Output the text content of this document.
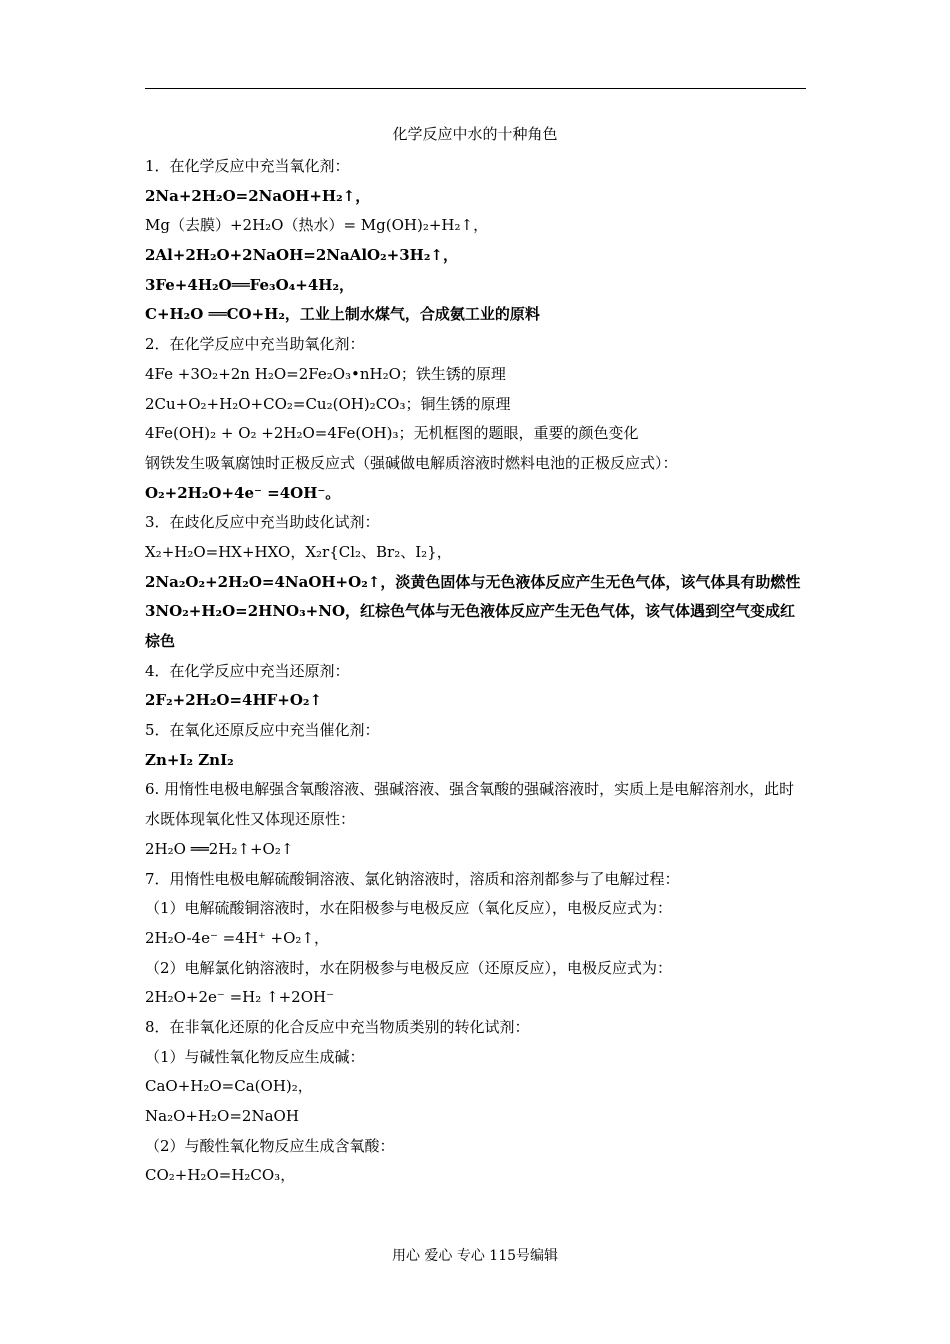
化学反应中水的十种角色
1．在化学反应中充当氧化剂：
2Na+2H₂O=2NaOH+H₂↑，
Mg（去膜）+2H₂O（热水）= Mg(OH)₂+H₂↑，
2Al+2H₂O+2NaOH=2NaAlO₂+3H₂↑，
3Fe+4H₂O══Fe₃O₄+4H₂，
C+H₂O ══CO+H₂，工业上制水煤气，合成氨工业的原料
2．在化学反应中充当助氧化剂：
4Fe +3O₂+2n H₂O=2Fe₂O₃•nH₂O；铁生锈的原理
2Cu+O₂+H₂O+CO₂=Cu₂(OH)₂CO₃；铜生锈的原理
4Fe(OH)₂ + O₂ +2H₂O=4Fe(OH)₃；无机框图的题眼，重要的颜色变化
钢铁发生吸氧腐蚀时正极反应式（强碱做电解质溶液时燃料电池的正极反应式）：
O₂+2H₂O+4e⁻ =4OH⁻。
3．在歧化反应中充当助歧化试剂：
X₂+H₂O=HX+HXO，X₂r{Cl₂、Br₂、I₂}，
2Na₂O₂+2H₂O=4NaOH+O₂↑，淡黄色固体与无色液体反应产生无色气体，该气体具有助燃性
3NO₂+H₂O=2HNO₃+NO，红棕色气体与无色液体反应产生无色气体，该气体遇到空气变成红棕色
4．在化学反应中充当还原剂：
2F₂+2H₂O=4HF+O₂↑
5．在氧化还原反应中充当催化剂：
Zn+I₂ ZnI₂
6. 用惰性电极电解强含氧酸溶液、强碱溶液、强含氧酸的强碱溶液时，实质上是电解溶剂水，此时水既体现氧化性又体现还原性：
2H₂O ══2H₂↑+O₂↑
7．用惰性电极电解硫酸铜溶液、氯化钠溶液时，溶质和溶剂都参与了电解过程：
（1）电解硫酸铜溶液时，水在阳极参与电极反应（氧化反应），电极反应式为：
2H₂O-4e⁻ =4H⁺ +O₂↑，
（2）电解氯化钠溶液时，水在阴极参与电极反应（还原反应），电极反应式为：
2H₂O+2e⁻ =H₂ ↑+2OH⁻
8．在非氧化还原的化合反应中充当物质类别的转化试剂：
（1）与碱性氧化物反应生成碱：
CaO+H₂O=Ca(OH)₂，
Na₂O+H₂O=2NaOH
（2）与酸性氧化物反应生成含氧酸：
CO₂+H₂O=H₂CO₃，
用心 爱心 专心 115号编辑
